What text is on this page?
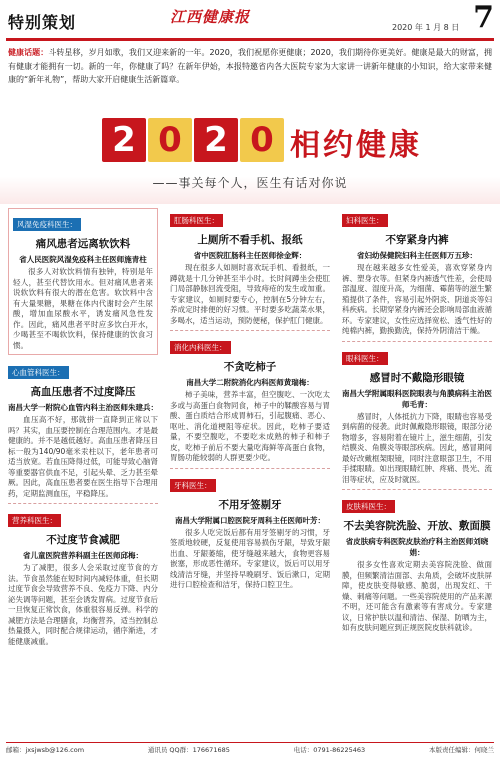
特别策划	江西健康报
2020 年 1 月 8 日 7
健康话题：斗转星移，岁月如歌，我们又迎来新的一年。2020，我们祝愿你更健康；2020，我们期待你更美好。健康是最大的财富，拥有健康才能拥有一切。新的一年，你健康了吗？在新年伊始，本报特邀省内各大医院专家为大家讲一讲新年健康的小知识，给大家带来健康的“新年礼物”，帮助大家开启健康生活新篇章。
2 0 2 0 相约健康
——事关每个人，医生有话对你说
风湿免疫科医生：
痛风患者远离软饮料
省人民医院风湿免疫科主任医师施青柱

很多人对软饮料情有独钟，特别是年轻人，甚至代替饮用水。但对痛风患者来说软饮料有很大的潜在危害。软饮料中含有大量果糖，果糖在体内代谢时会产生尿酸，增加血尿酸水平，诱发痛风急性发作。因此，痛风患者平时应多饮白开水，少喝甚至不喝软饮料，保持健康的饮食习惯。

心血管科医生：
高血压患者不过度降压
南昌大学一附院心血管内科主治医师朱建兵：

血压高不好，那就拼一直降到正常以下吗？其实，血压要控制在合理范围内。才是最健康的。并不是越低越好。高血压患者降压目标一般为140/90毫米汞柱以下，老年患者可适当放宽。若血压降得过低，可能导致心脑肾等重要器官供血不足，引起头晕、乏力甚至晕厥。因此，高血压患者要在医生指导下合理用药，定期监测血压，平稳降压。

营养科医生：
不过度节食减肥
省儿童医院营养科副主任医师邱梅：

为了减肥，很多人会采取过度节食的方法。节食虽然能在短时间内减轻体重，但长期过度节食会导致营养不良、免疫力下降、内分泌失调等问题，甚至会诱发胃病。过度节食后一旦恢复正常饮食，体重很容易反弹。科学的减肥方法是合理膳食，均衡营养，适当控制总热量摄入，同时配合规律运动，循序渐进，才能健康减重。

肛肠科医生：
上厕所不看手机、报纸
省中医院肛肠科主任医师徐金辉：

现在很多人如厕时喜欢玩手机、看报纸，一蹲就是十几分钟甚至半小时。长时间蹲坐会使肛门局部静脉回流受阻，导致痔疮的发生或加重。专家建议，如厕时要专心，控制在5分钟左右，养成定时排便的好习惯。平时要多吃蔬菜水果，多喝水，适当运动，预防便秘，保护肛门健康。

消化内科医生：
不贪吃柿子
南昌大学二附院消化内科医师黄瑞梅：

柿子美味，营养丰富，但空腹吃、一次吃太多或与高蛋白食物同食，柿子中的鞣酸容易与胃酸、蛋白质结合形成胃柿石，引起腹痛、恶心、呕吐、消化道梗阻等症状。因此，吃柿子要适量，不要空腹吃，不要吃未成熟的柿子和柿子皮，吃柿子前后不要大量吃海鲜等高蛋白食物，胃肠功能较弱的人群更要少吃。

牙科医生：
不用牙签剔牙
南昌大学附属口腔医院牙周科主任医师叶芳：

很多人吃完饭后都有用牙签剔牙的习惯，牙签质地较硬，反复使用容易损伤牙龈，导致牙龈出血、牙龈萎缩，使牙缝越来越大，食物更容易嵌塞，形成恶性循环。专家建议，饭后可以用牙线清洁牙缝，并坚持早晚刷牙、饭后漱口，定期进行口腔检查和洁牙，保持口腔卫生。

妇科医生：
不穿紧身内裤
省妇幼保健院妇科主任医师万五珍：

现在越来越多女性爱美，喜欢穿紧身内裤、塑身衣等。但紧身内裤透气性差，会使局部温度、湿度升高，为细菌、霉菌等的滋生繁殖提供了条件，容易引起外阴炎、阴道炎等妇科疾病。长期穿紧身内裤还会影响局部血液循环。专家建议，女性应选择宽松、透气性好的纯棉内裤，勤换勤洗，保持外阴清洁干燥。

眼科医生：
感冒时不戴隐形眼镜
南昌大学附属眼科医院眼表与角膜病科主治医师毛青：

感冒时，人体抵抗力下降，眼睛也容易受到病菌的侵袭。此时佩戴隐形眼镜，眼部分泌物增多，容易附着在镜片上，滋生细菌，引发结膜炎、角膜炎等眼部疾病。因此，感冒期间最好改戴框架眼镜，同时注意眼部卫生，不用手揉眼睛。如出现眼睛红肿、疼痛、畏光、流泪等症状，应及时就医。

皮肤科医生：
不去美容院洗脸、开放、敷面膜
省皮肤病专科医院皮肤治疗科主治医师刘晓娟：

很多女性喜欢定期去美容院洗脸、做面膜，但频繁清洁面部、去角质，会破坏皮肤屏障，使皮肤变得敏感、脆弱，出现发红、干燥、刺痛等问题。一些美容院使用的产品来源不明，还可能含有激素等有害成分。专家建议，日常护肤以温和清洁、保湿、防晒为主，如有皮肤问题应到正规医院皮肤科就诊。

邮箱：jxsjwsb@126.com	通讯员 QQ群：176671685	电话：0791-86225463	本版责任编辑：何晓兰
